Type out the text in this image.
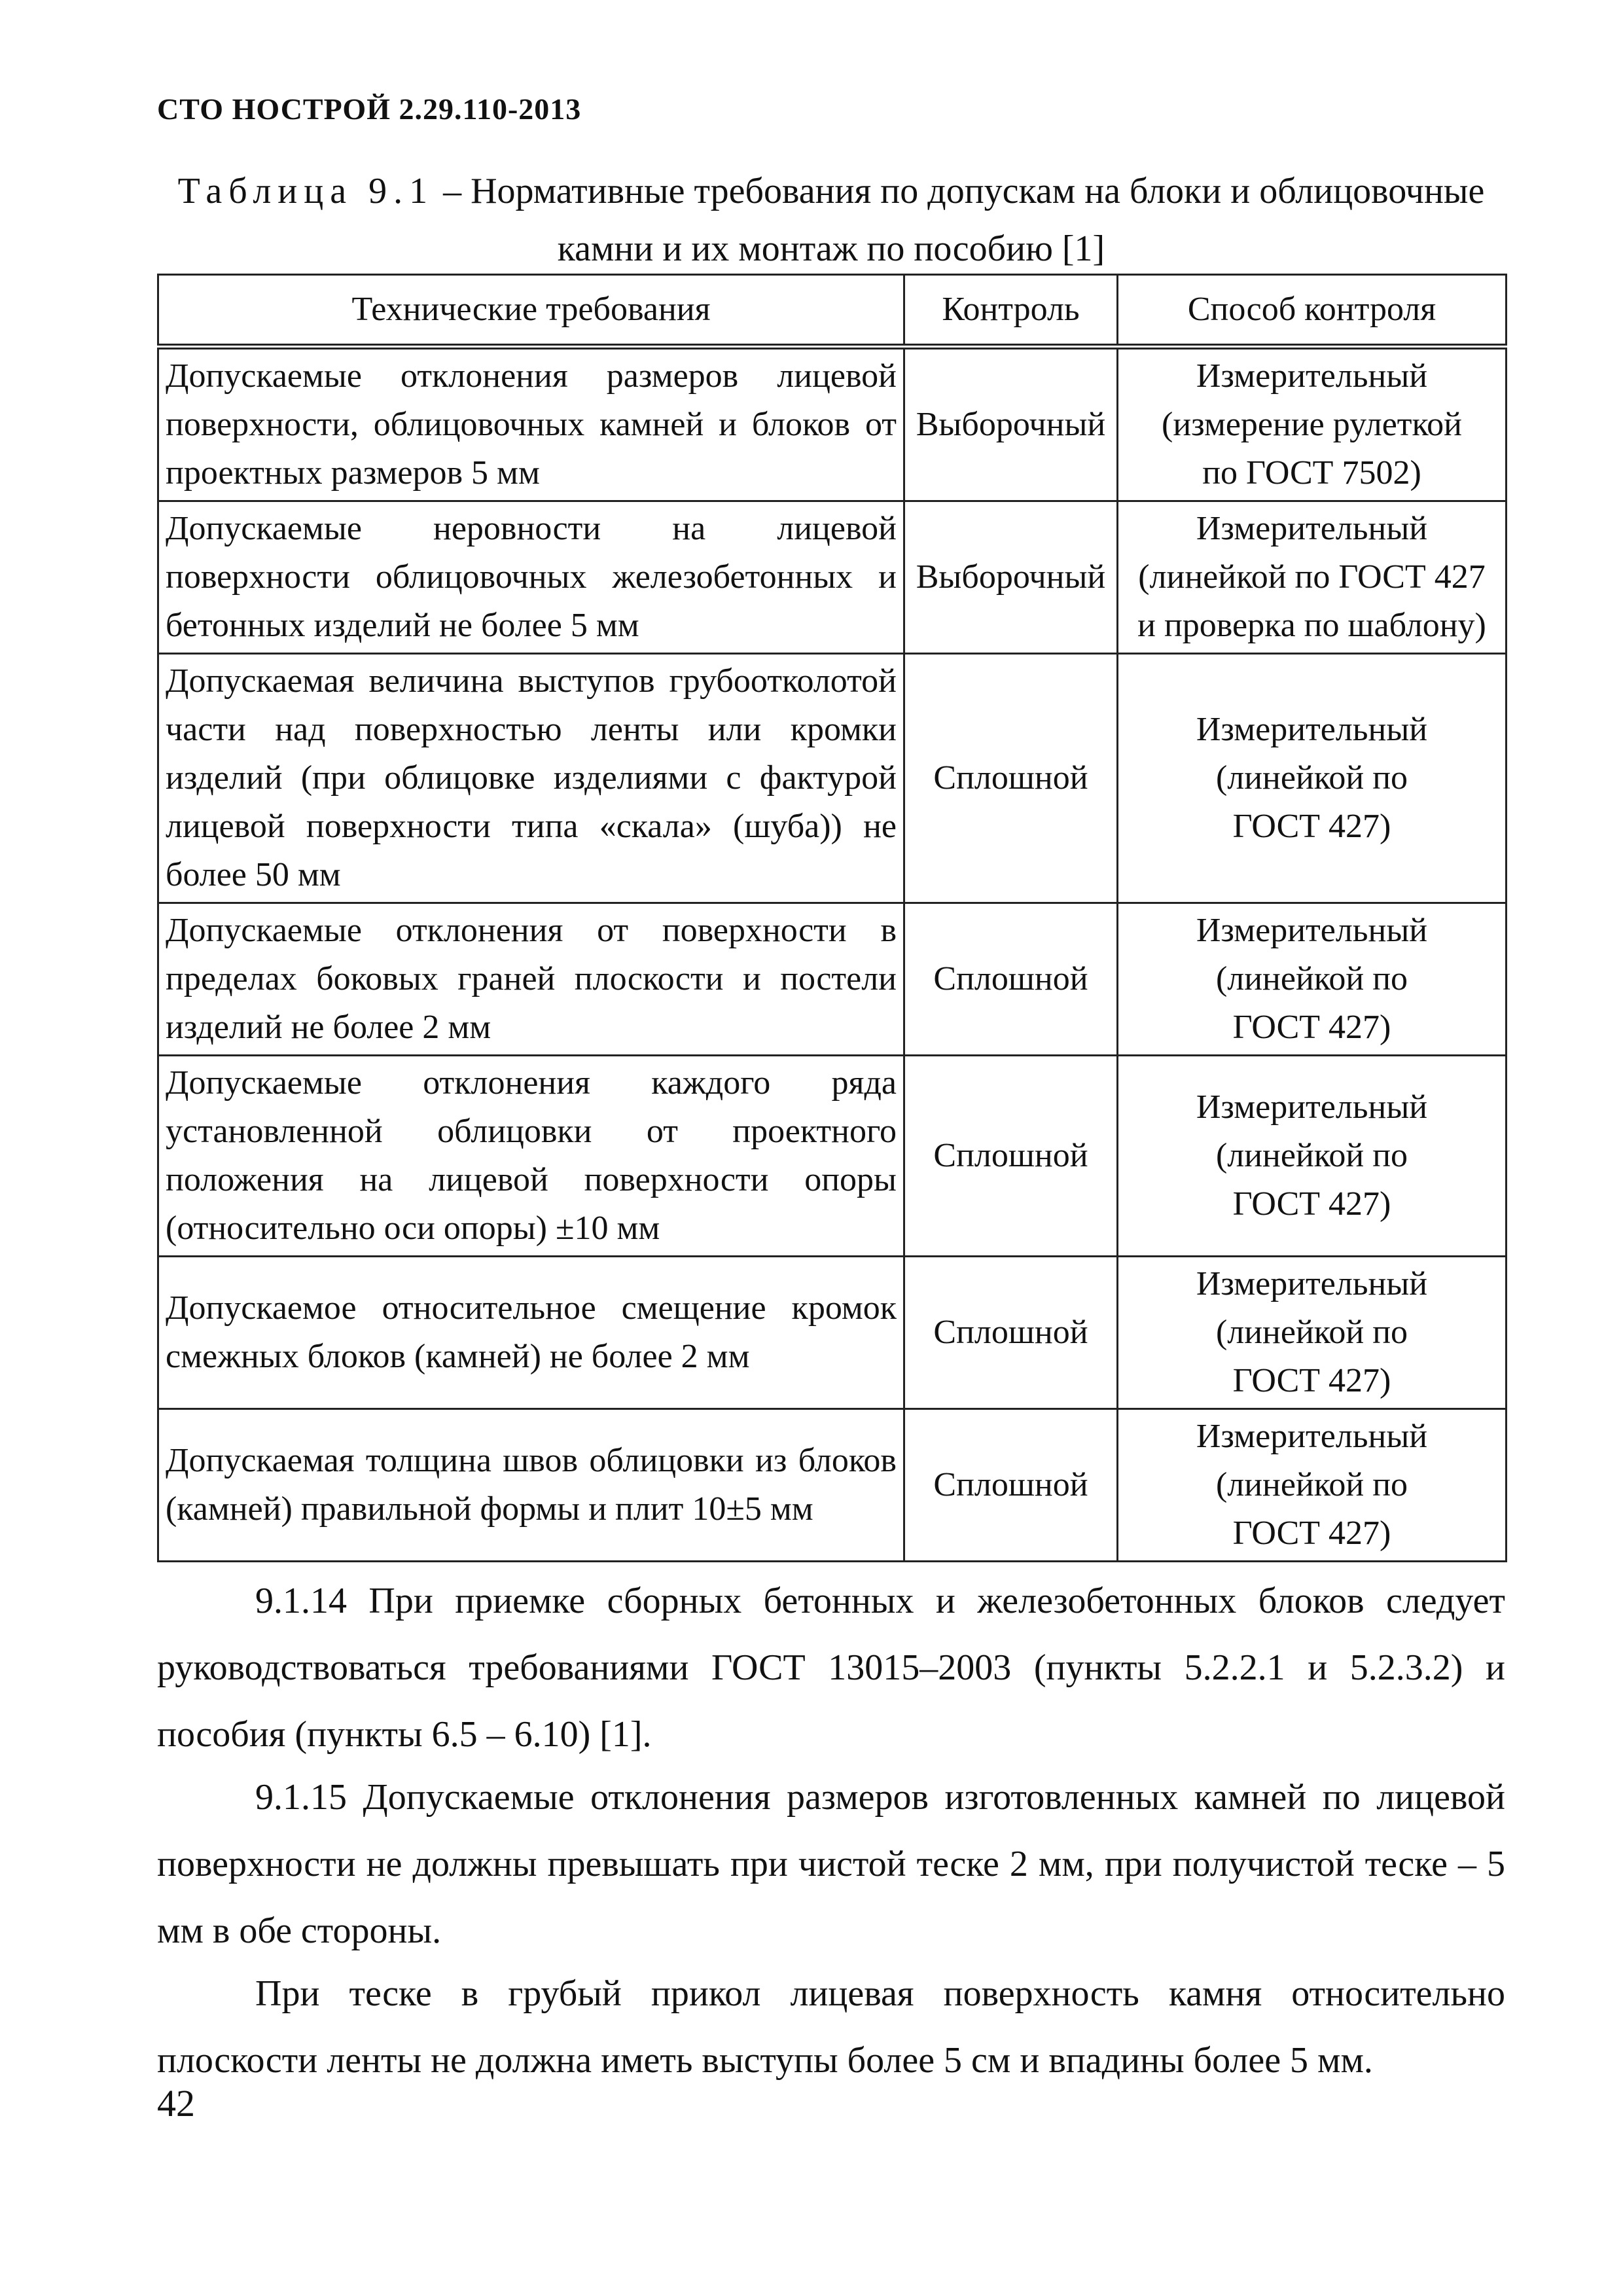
СТО НОСТРОЙ 2.29.110-2013
Таблица 9.1 – Нормативные требования по допускам на блоки и облицовочные
камни и их монтаж по пособию [1]
Технические требования	Контроль	Способ контроля
Допускаемые отклонения размеров лицевой поверхности, облицовочных камней и блоков от проектных размеров 5 мм	Выборочный	Измерительный
(измерение рулеткой
по ГОСТ 7502)

Допускаемые неровности на лицевой поверхности облицовочных железобетонных и бетонных изделий не более 5 мм	Выборочный	Измерительный
(линейкой по ГОСТ 427
и проверка по шаблону)

Допускаемая величина выступов грубоотколотой части над поверхностью ленты или кромки изделий (при облицовке изделиями с фактурой лицевой поверхности типа «скала» (шуба)) не более 50 мм	Сплошной	Измерительный
(линейкой по
ГОСТ 427)

Допускаемые отклонения от поверхности в пределах боковых граней плоскости и постели изделий не более 2 мм	Сплошной	Измерительный
(линейкой по
ГОСТ 427)

Допускаемые отклонения каждого ряда установленной облицовки от проектного положения на лицевой поверхности опоры (относительно оси опоры) ±10 мм	Сплошной	Измерительный
(линейкой по
ГОСТ 427)

Допускаемое относительное смещение кромок смежных блоков (камней) не более 2 мм	Сплошной	Измерительный
(линейкой по
ГОСТ 427)

Допускаемая толщина швов облицовки из блоков (камней) правильной формы и плит 10±5 мм	Сплошной	Измерительный
(линейкой по
ГОСТ 427)
9.1.14 При приемке сборных бетонных и железобетонных блоков следует руководствоваться требованиями ГОСТ 13015–2003 (пункты 5.2.2.1 и 5.2.3.2) и пособия (пункты 6.5 – 6.10) [1].
9.1.15 Допускаемые отклонения размеров изготовленных камней по лицевой поверхности не должны превышать при чистой теске 2 мм, при получистой теске – 5 мм в обе стороны.
При теске в грубый прикол лицевая поверхность камня относительно плоскости ленты не должна иметь выступы более 5 см и впадины более 5 мм.
42
